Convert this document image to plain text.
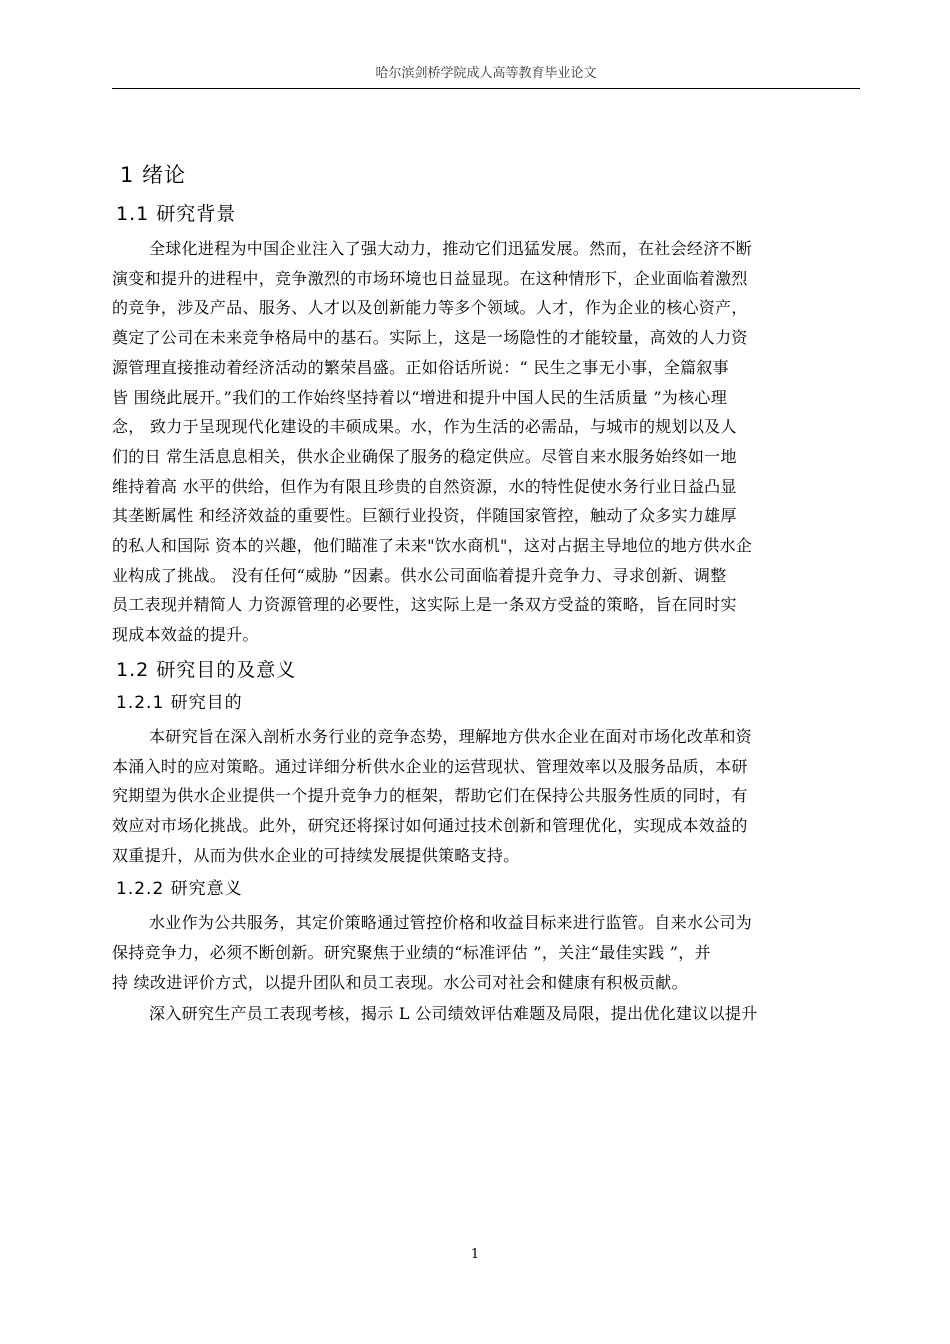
哈尔滨剑桥学院成人高等教育毕业论文
1 绪论
1.1 研究背景
全球化进程为中国企业注入了强大动力，推动它们迅猛发展。然而，在社会经济不断
演变和提升的进程中，竞争激烈的市场环境也日益显现。在这种情形下，企业面临着激烈
的竞争，涉及产品、服务、人才以及创新能力等多个领域。人才，作为企业的核心资产，
奠定了公司在未来竞争格局中的基石。实际上，这是一场隐性的才能较量，高效的人力资
源管理直接推动着经济活动的繁荣昌盛。正如俗话所说：“ 民生之事无小事，全篇叙事
皆 围绕此展开。”我们的工作始终坚持着以“增进和提升中国人民的生活质量 ”为核心理
念， 致力于呈现现代化建设的丰硕成果。水，作为生活的必需品，与城市的规划以及人
们的日 常生活息息相关，供水企业确保了服务的稳定供应。尽管自来水服务始终如一地
维持着高 水平的供给，但作为有限且珍贵的自然资源，水的特性促使水务行业日益凸显
其垄断属性 和经济效益的重要性。巨额行业投资，伴随国家管控，触动了众多实力雄厚
的私人和国际 资本的兴趣，他们瞄准了未来"饮水商机"，这对占据主导地位的地方供水企
业构成了挑战。 没有任何“威胁 ”因素。供水公司面临着提升竞争力、寻求创新、调整
员工表现并精简人 力资源管理的必要性，这实际上是一条双方受益的策略，旨在同时实
现成本效益的提升。
1.2 研究目的及意义
1.2.1 研究目的
本研究旨在深入剖析水务行业的竞争态势，理解地方供水企业在面对市场化改革和资
本涌入时的应对策略。通过详细分析供水企业的运营现状、管理效率以及服务品质，本研
究期望为供水企业提供一个提升竞争力的框架，帮助它们在保持公共服务性质的同时，有
效应对市场化挑战。此外，研究还将探讨如何通过技术创新和管理优化，实现成本效益的
双重提升，从而为供水企业的可持续发展提供策略支持。
1.2.2 研究意义
水业作为公共服务，其定价策略通过管控价格和收益目标来进行监管。自来水公司为
保持竞争力，必须不断创新。研究聚焦于业绩的“标准评估 ”，关注“最佳实践 ”，并
持 续改进评价方式，以提升团队和员工表现。水公司对社会和健康有积极贡献。
深入研究生产员工表现考核，揭示 L 公司绩效评估难题及局限，提出优化建议以提升
1
